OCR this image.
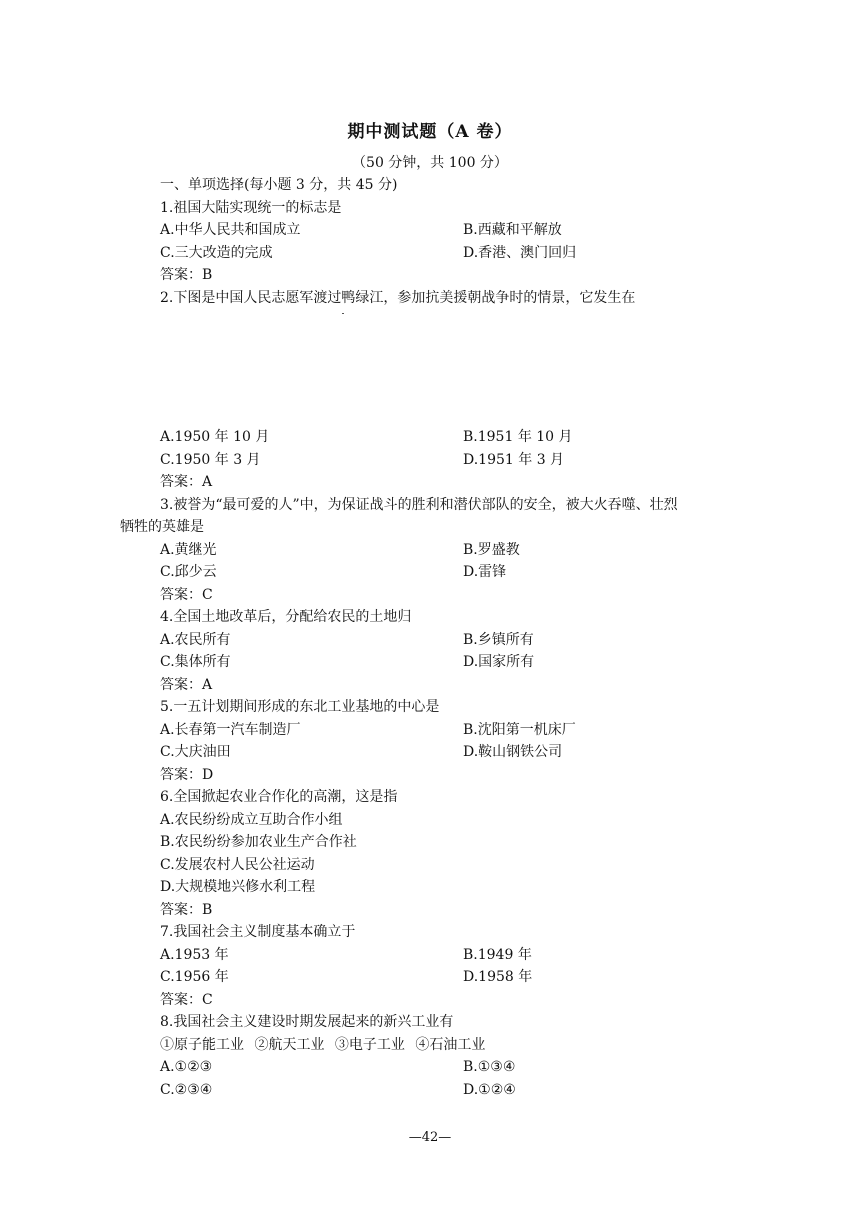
期中测试题（A 卷）
（50 分钟，共 100 分）
一、单项选择(每小题 3 分，共 45 分)
1.祖国大陆实现统一的标志是
A.中华人民共和国成立	B.西藏和平解放
C.三大改造的完成	D.香港、澳门回归
答案：B
2.下图是中国人民志愿军渡过鸭绿江，参加抗美援朝战争时的情景，它发生在
A.1950 年 10 月	B.1951 年 10 月
C.1950 年 3 月	D.1951 年 3 月
答案：A
3.被誉为“最可爱的人”中，为保证战斗的胜利和潜伏部队的安全，被大火吞噬、壮烈
牺牲的英雄是
A.黄继光	B.罗盛教
C.邱少云	D.雷锋
答案：C
4.全国土地改革后，分配给农民的土地归
A.农民所有	B.乡镇所有
C.集体所有	D.国家所有
答案：A
5.一五计划期间形成的东北工业基地的中心是
A.长春第一汽车制造厂	B.沈阳第一机床厂
C.大庆油田	D.鞍山钢铁公司
答案：D
6.全国掀起农业合作化的高潮，这是指
A.农民纷纷成立互助合作小组
B.农民纷纷参加农业生产合作社
C.发展农村人民公社运动
D.大规模地兴修水利工程
答案：B
7.我国社会主义制度基本确立于
A.1953 年	B.1949 年
C.1956 年	D.1958 年
答案：C
8.我国社会主义建设时期发展起来的新兴工业有
①原子能工业 ②航天工业 ③电子工业 ④石油工业
A.①②③	B.①③④
C.②③④	D.①②④
—42—
